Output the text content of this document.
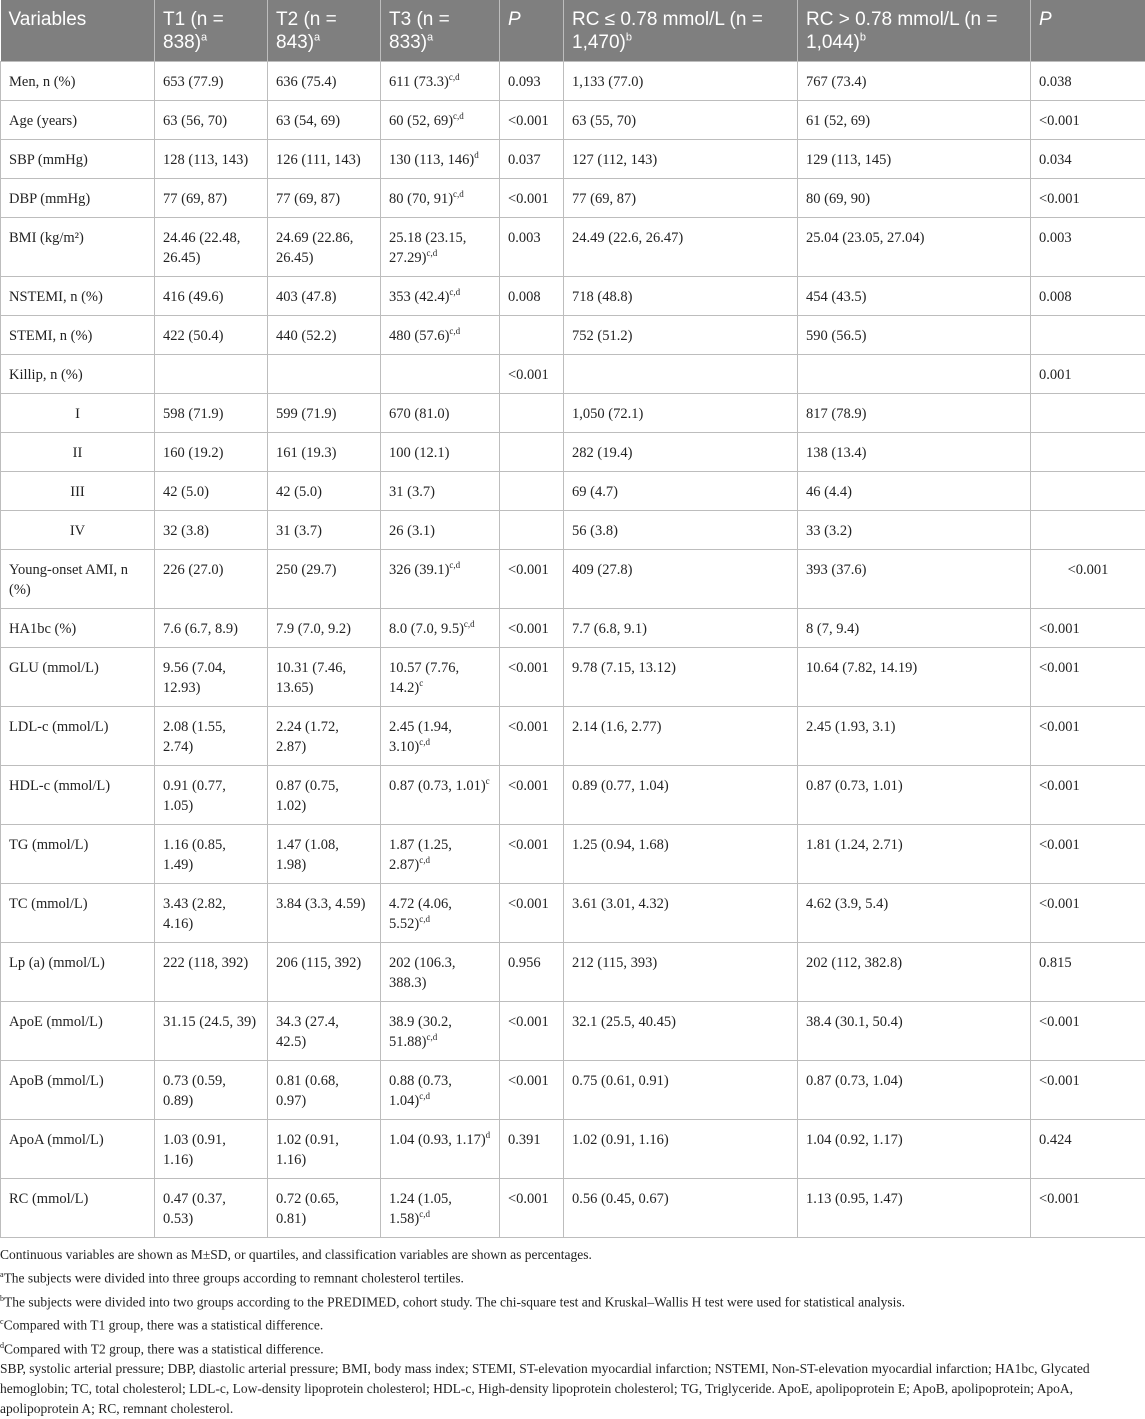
Variables	T1 (n = 838)$^a$	T2 (n = 843)$^a$	T3 (n = 833)$^a$	P	RC ≤ 0.78 mmol/L (n = 1,470)$^b$	RC > 0.78 mmol/L (n = 1,044)$^b$	P
Men, n (%)	653 (77.9)	636 (75.4)	611 $(73.3)^{c,d}$	0.093	1,133 (77.0)	767 (73.4)	0.038
Age (years)	63 (56, 70)	63 (54, 69)	60 (52, 69)$^{c,d}$	<0.001	63 (55, 70)	61 (52, 69)	<0.001
SBP (mmHg)	128 (113, 143)	126 (111, 143)	130 (113, 146)$^d$	0.037	127 (112, 143)	129 (113, 145)	0.034
DBP (mmHg)	77 (69, 87)	77 (69, 87)	80 (70, 91)$^{c,d}$	<0.001	77 (69, 87)	80 (69, 90)	<0.001
BMI (kg/m²)	24.46 (22.48, 26.45)	24.69 (22.86, 26.45)	25.18 (23.15, 27.29)$^{c,d}$	0.003	24.49 (22.6, 26.47)	25.04 (23.05, 27.04)	0.003
NSTEMI, n (%)	416 (49.6)	403 (47.8)	353 $(42.4)^{c,d}$	0.008	718 (48.8)	454 (43.5)	0.008
STEMI, n (%)	422 (50.4)	440 (52.2)	480 $(57.6)^{c,d}$		752 (51.2)	590 (56.5)	
Killip, n (%)				<0.001			0.001
I	598 (71.9)	599 (71.9)	670 (81.0)		1,050 (72.1)	817 (78.9)	
II	160 (19.2)	161 (19.3)	100 (12.1)		282 (19.4)	138 (13.4)	
III	42 (5.0)	42 (5.0)	31 (3.7)		69 (4.7)	46 (4.4)	
IV	32 (3.8)	31 (3.7)	26 (3.1)		56 (3.8)	33 (3.2)	
Young-onset AMI, n (%)	226 (27.0)	250 (29.7)	326 $(39.1)^{c,d}$	<0.001	409 (27.8)	393 (37.6)	<0.001
HA1bc (%)	7.6 (6.7, 8.9)	7.9 (7.0, 9.2)	8.0 (7.0, 9.5)$^{c,d}$	<0.001	7.7 (6.8, 9.1)	8 (7, 9.4)	<0.001
GLU (mmol/L)	9.56 (7.04, 12.93)	10.31 (7.46, 13.65)	10.57 (7.76, 14.2)$^c$	<0.001	9.78 (7.15, 13.12)	10.64 (7.82, 14.19)	<0.001
LDL-c (mmol/L)	2.08 (1.55, 2.74)	2.24 (1.72, 2.87)	2.45 (1.94, 3.10)$^{c,d}$	<0.001	2.14 (1.6, 2.77)	2.45 (1.93, 3.1)	<0.001
HDL-c (mmol/L)	0.91 (0.77, 1.05)	0.87 (0.75, 1.02)	0.87 (0.73, 1.01)$^c$	<0.001	0.89 (0.77, 1.04)	0.87 (0.73, 1.01)	<0.001
TG (mmol/L)	1.16 (0.85, 1.49)	1.47 (1.08, 1.98)	1.87 (1.25, 2.87)$^{c,d}$	<0.001	1.25 (0.94, 1.68)	1.81 (1.24, 2.71)	<0.001
TC (mmol/L)	3.43 (2.82, 4.16)	3.84 (3.3, 4.59)	4.72 (4.06, 5.52)$^{c,d}$	<0.001	3.61 (3.01, 4.32)	4.62 (3.9, 5.4)	<0.001
Lp (a) (mmol/L)	222 (118, 392)	206 (115, 392)	202 (106.3, 388.3)	0.956	212 (115, 393)	202 (112, 382.8)	0.815
ApoE (mmol/L)	31.15 (24.5, 39)	34.3 (27.4, 42.5)	38.9 (30.2, 51.88)$^{c,d}$	<0.001	32.1 (25.5, 40.45)	38.4 (30.1, 50.4)	<0.001
ApoB (mmol/L)	0.73 (0.59, 0.89)	0.81 (0.68, 0.97)	0.88 (0.73, 1.04)$^{c,d}$	<0.001	0.75 (0.61, 0.91)	0.87 (0.73, 1.04)	<0.001
ApoA (mmol/L)	1.03 (0.91, 1.16)	1.02 (0.91, 1.16)	1.04 (0.93, 1.17)$^d$	0.391	1.02 (0.91, 1.16)	1.04 (0.92, 1.17)	0.424
RC (mmol/L)	0.47 (0.37, 0.53)	0.72 (0.65, 0.81)	1.24 (1.05, 1.58)$^{c,d}$	<0.001	0.56 (0.45, 0.67)	1.13 (0.95, 1.47)	<0.001
Continuous variables are shown as M±SD, or quartiles, and classification variables are shown as percentages.
$^a$The subjects were divided into three groups according to remnant cholesterol tertiles.
$^b$The subjects were divided into two groups according to the PREDIMED, cohort study. The chi-square test and Kruskal–Wallis H test were used for statistical analysis.
$^c$Compared with T1 group, there was a statistical difference.
$^d$Compared with T2 group, there was a statistical difference.
SBP, systolic arterial pressure; DBP, diastolic arterial pressure; BMI, body mass index; STEMI, ST-elevation myocardial infarction; NSTEMI, Non-ST-elevation myocardial infarction; HA1bc, Glycated hemoglobin; TC, total cholesterol; LDL-c, Low-density lipoprotein cholesterol; HDL-c, High-density lipoprotein cholesterol; TG, Triglyceride. ApoE, apolipoprotein E; ApoB, apolipoprotein; ApoA, apolipoprotein A; RC, remnant cholesterol.
